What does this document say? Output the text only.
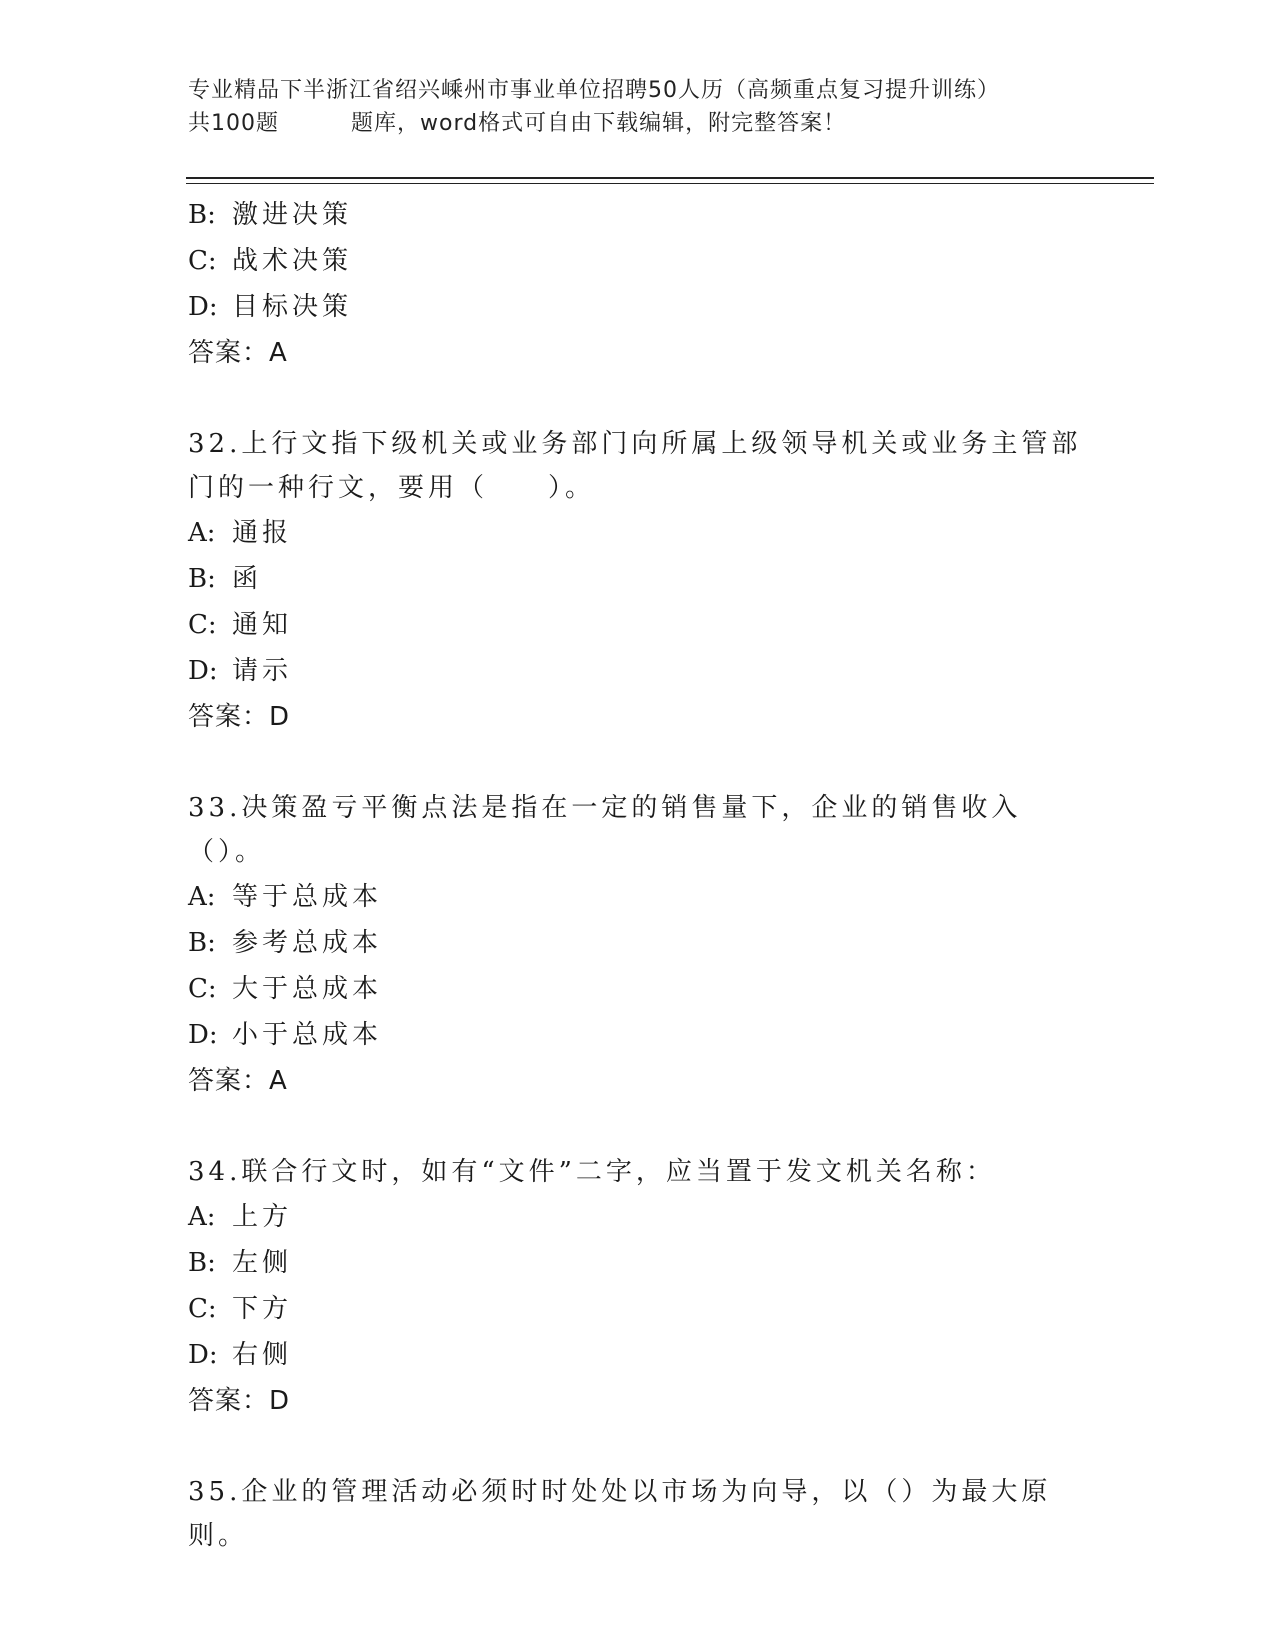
专业精品下半浙江省绍兴嵊州市事业单位招聘50人历（高频重点复习提升训练）
共100题	题库，word格式可自由下载编辑，附完整答案！
B: 激进决策
C: 战术决策
D: 目标决策
答案：A
32.上行文指下级机关或业务部门向所属上级领导机关或业务主管部门的一种行文，要用（　　）。
A: 通报
B: 函
C: 通知
D: 请示
答案：D
33.决策盈亏平衡点法是指在一定的销售量下，企业的销售收入（）。
A: 等于总成本
B: 参考总成本
C: 大于总成本
D: 小于总成本
答案：A
34.联合行文时，如有“文件”二字，应当置于发文机关名称：
A: 上方
B: 左侧
C: 下方
D: 右侧
答案：D
35.企业的管理活动必须时时处处以市场为向导，以（）为最大原则。
